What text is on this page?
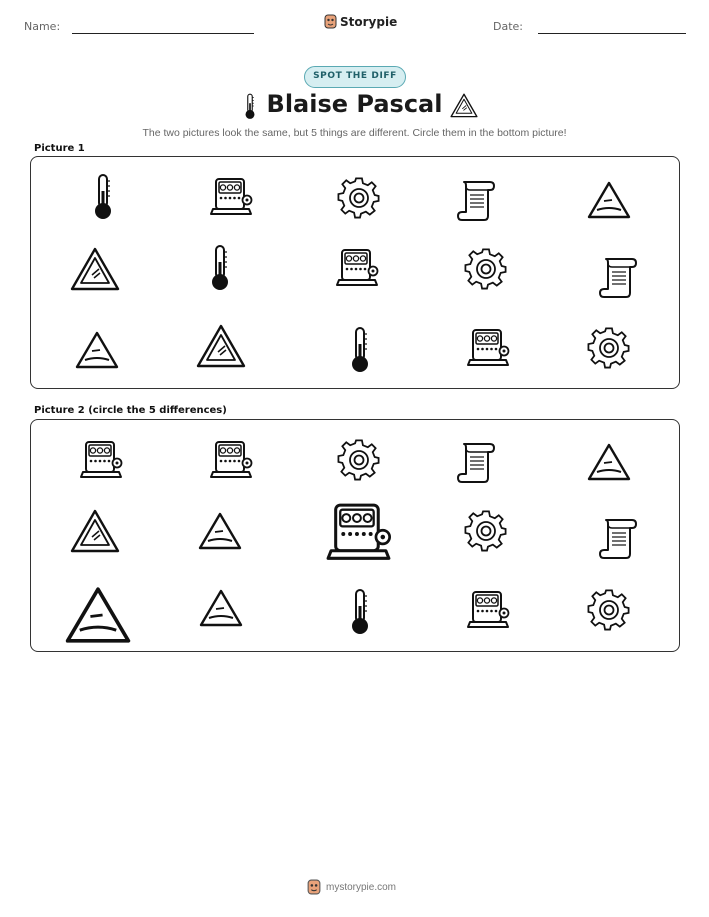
Name:	Storypie	Date:
SPOT THE DIFF
Blaise Pascal
The two pictures look the same, but 5 things are different. Circle them in the bottom picture!
Picture 1
Picture 2 (circle the 5 differences)
mystorypie.com
